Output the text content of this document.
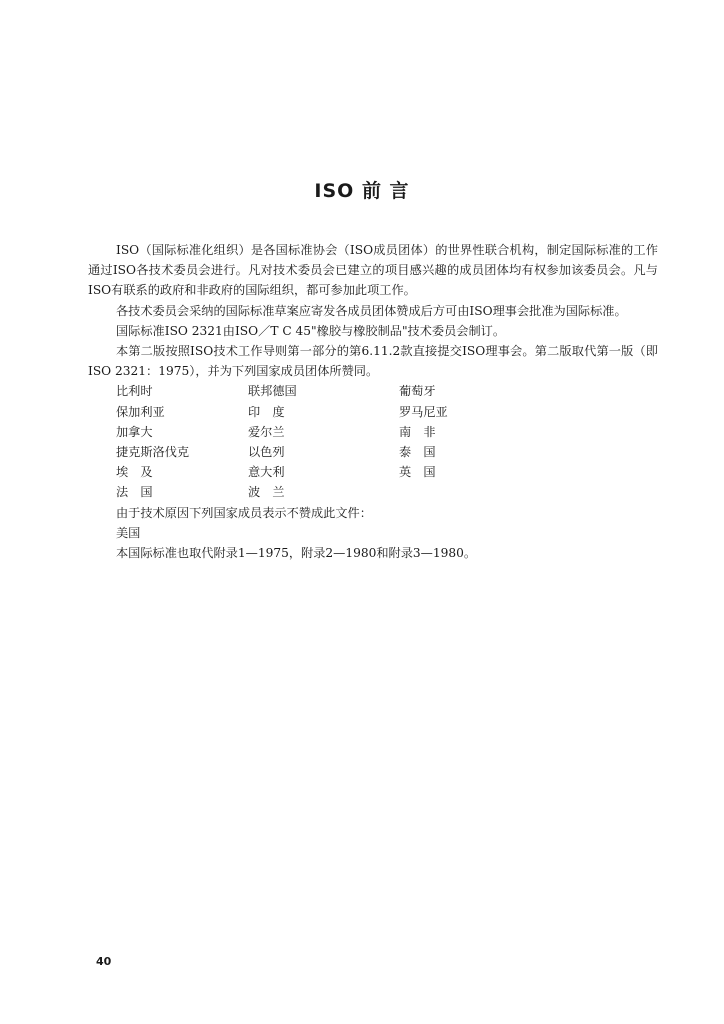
ISO 前 言

ISO（国际标准化组织）是各国标准协会（ISO成员团体）的世界性联合机构，制定国际标准的工作通过ISO各技术委员会进行。凡对技术委员会已建立的项目感兴趣的成员团体均有权参加该委员会。凡与ISO有联系的政府和非政府的国际组织，都可参加此项工作。

各技术委员会采纳的国际标准草案应寄发各成员团体赞成后方可由ISO理事会批准为国际标准。

国际标准ISO 2321由ISO／T C 45"橡胶与橡胶制品"技术委员会制订。

本第二版按照ISO技术工作导则第一部分的第6.11.2款直接提交ISO理事会。第二版取代第一版（即ISO 2321：1975），并为下列国家成员团体所赞同。

比利时	联邦德国	葡萄牙
保加利亚	印　度	罗马尼亚
加拿大	爱尔兰	南　非
捷克斯洛伐克	以色列	泰　国
埃　及	意大利	英　国
法　国	波　兰

由于技术原因下列国家成员表示不赞成此文件：

美国

本国际标准也取代附录1—1975，附录2—1980和附录3—1980。

40
